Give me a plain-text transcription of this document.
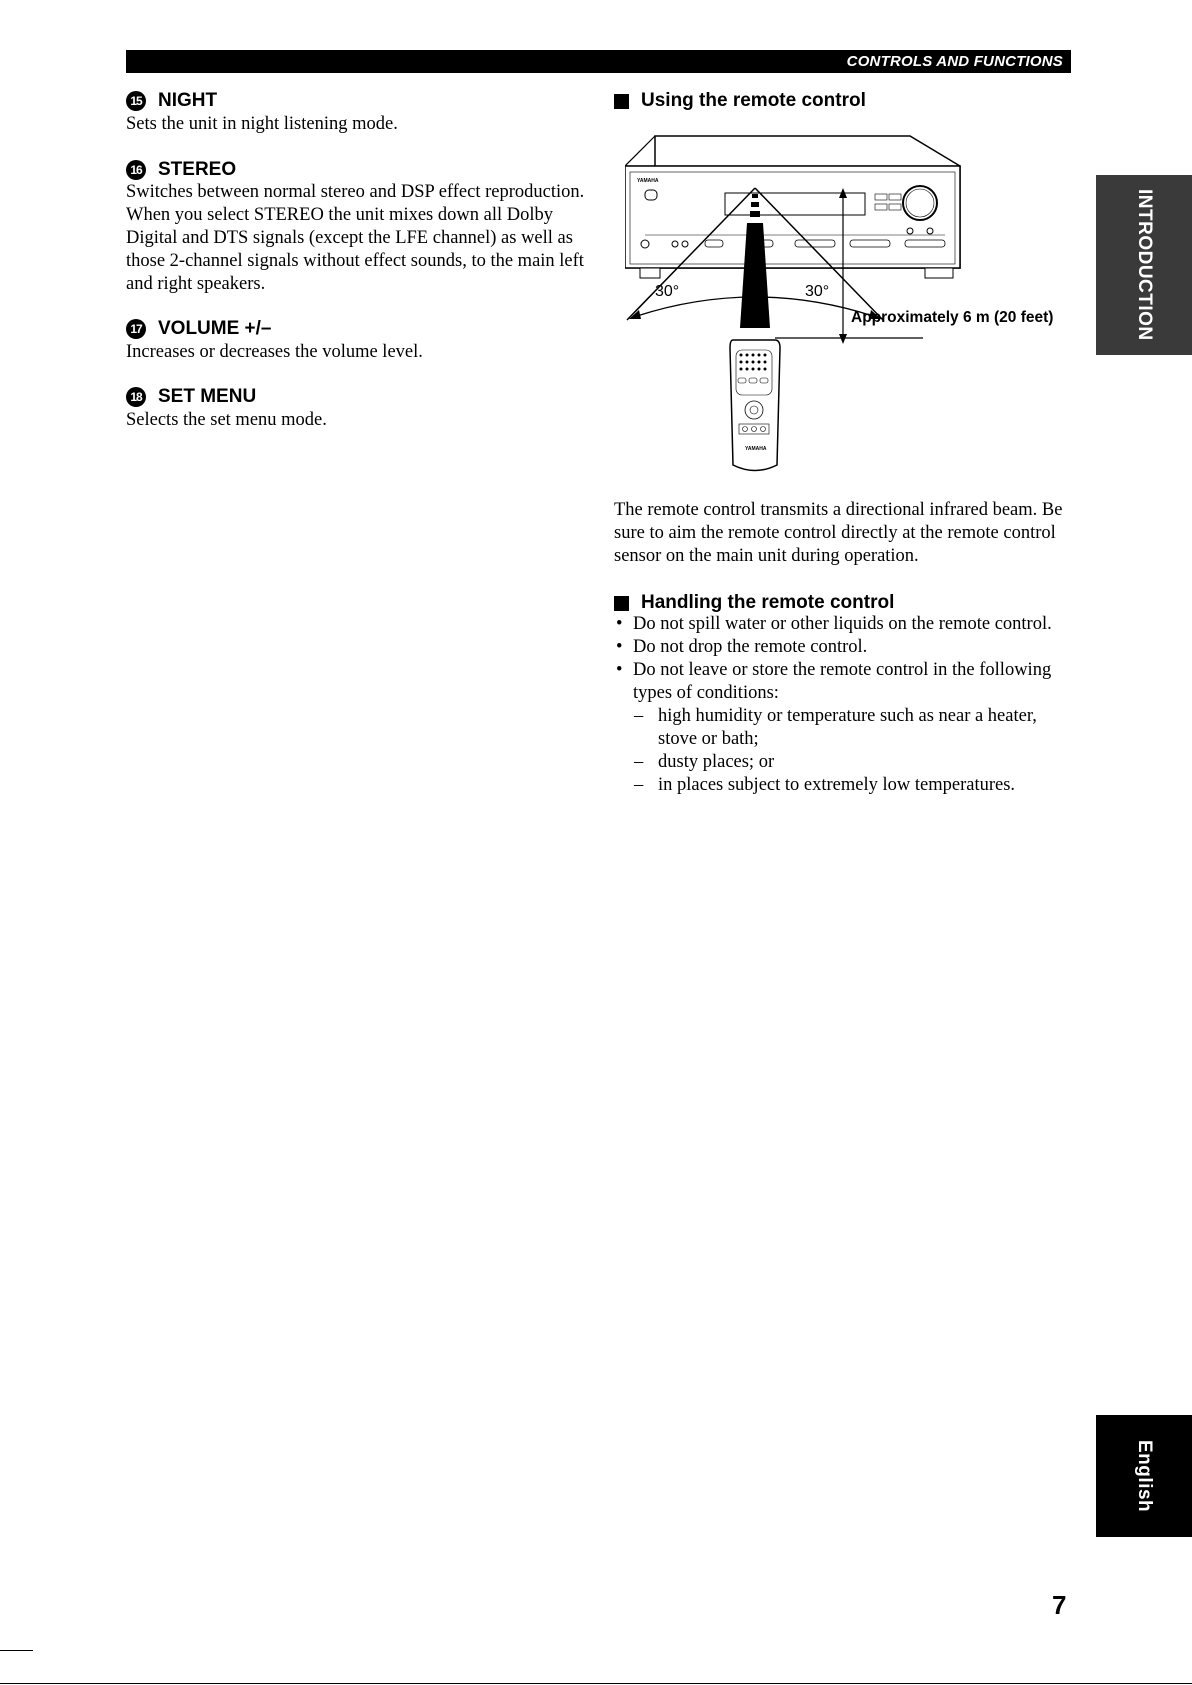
CONTROLS AND FUNCTIONS
15 NIGHT

Sets the unit in night listening mode.

16 STEREO

Switches between normal stereo and DSP effect reproduction. When you select STEREO the unit mixes down all Dolby Digital and DTS signals (except the LFE channel) as well as those 2-channel signals without effect sounds, to the main left and right speakers.

17 VOLUME +/–

Increases or decreases the volume level.

18 SET MENU

Selects the set menu mode.

Using the remote control
YAMAHA
30°	30°
Approximately 6 m (20 feet)
YAMAHA

The remote control transmits a directional infrared beam. Be sure to aim the remote control directly at the remote control sensor on the main unit during operation.

Handling the remote control
• Do not spill water or other liquids on the remote control.
• Do not drop the remote control.
• Do not leave or store the remote control in the following types of conditions:
– high humidity or temperature such as near a heater, stove or bath;
– dusty places; or
– in places subject to extremely low temperatures.
INTRODUCTION
English
7
